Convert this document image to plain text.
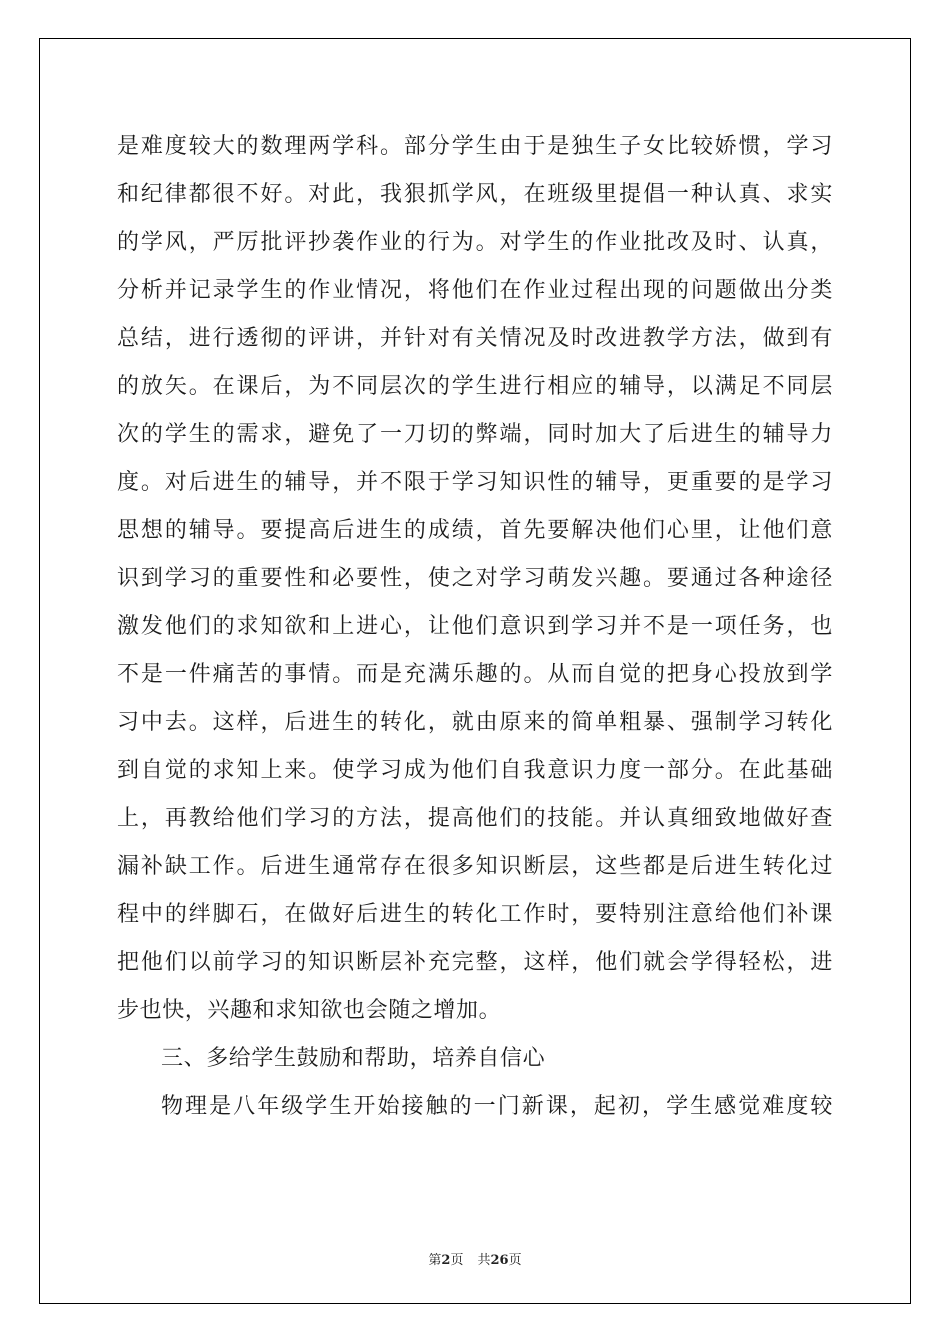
是难度较大的数理两学科。部分学生由于是独生子女比较娇惯，学习
和纪律都很不好。对此，我狠抓学风，在班级里提倡一种认真、求实
的学风，严厉批评抄袭作业的行为。对学生的作业批改及时、认真，
分析并记录学生的作业情况，将他们在作业过程出现的问题做出分类
总结，进行透彻的评讲，并针对有关情况及时改进教学方法，做到有
的放矢。在课后，为不同层次的学生进行相应的辅导，以满足不同层
次的学生的需求，避免了一刀切的弊端，同时加大了后进生的辅导力
度。对后进生的辅导，并不限于学习知识性的辅导，更重要的是学习
思想的辅导。要提高后进生的成绩，首先要解决他们心里，让他们意
识到学习的重要性和必要性，使之对学习萌发兴趣。要通过各种途径
激发他们的求知欲和上进心，让他们意识到学习并不是一项任务，也
不是一件痛苦的事情。而是充满乐趣的。从而自觉的把身心投放到学
习中去。这样，后进生的转化，就由原来的简单粗暴、强制学习转化
到自觉的求知上来。使学习成为他们自我意识力度一部分。在此基础
上，再教给他们学习的方法，提高他们的技能。并认真细致地做好查
漏补缺工作。后进生通常存在很多知识断层，这些都是后进生转化过
程中的绊脚石，在做好后进生的转化工作时，要特别注意给他们补课
把他们以前学习的知识断层补充完整，这样，他们就会学得轻松，进
步也快，兴趣和求知欲也会随之增加。
三、多给学生鼓励和帮助，培养自信心
物理是八年级学生开始接触的一门新课，起初，学生感觉难度较
第2页 共26页
